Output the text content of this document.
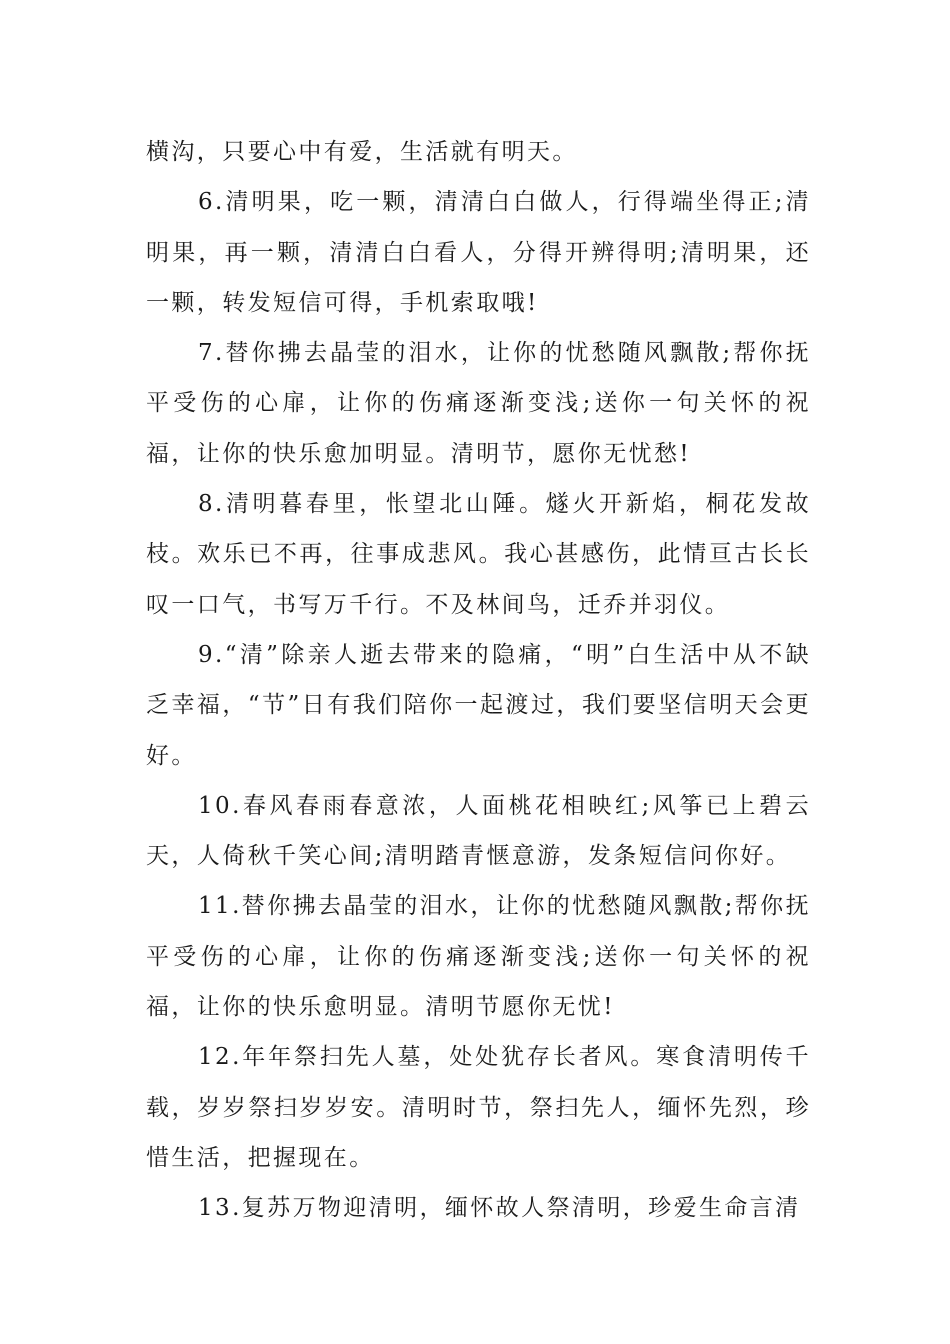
横沟，只要心中有爱，生活就有明天。

6.清明果，吃一颗，清清白白做人，行得端坐得正;清明果，再一颗，清清白白看人，分得开辨得明;清明果，还一颗，转发短信可得，手机索取哦!

7.替你拂去晶莹的泪水，让你的忧愁随风飘散;帮你抚平受伤的心扉，让你的伤痛逐渐变浅;送你一句关怀的祝福，让你的快乐愈加明显。清明节，愿你无忧愁!

8.清明暮春里，怅望北山陲。燧火开新焰，桐花发故枝。欢乐已不再，往事成悲风。我心甚感伤，此情亘古长长叹一口气，书写万千行。不及林间鸟，迁乔并羽仪。

9.“清”除亲人逝去带来的隐痛，“明”白生活中从不缺乏幸福，“节”日有我们陪你一起渡过，我们要坚信明天会更好。

10.春风春雨春意浓，人面桃花相映红;风筝已上碧云天，人倚秋千笑心间;清明踏青惬意游，发条短信问你好。

11.替你拂去晶莹的泪水，让你的忧愁随风飘散;帮你抚平受伤的心扉，让你的伤痛逐渐变浅;送你一句关怀的祝福，让你的快乐愈明显。清明节愿你无忧!

12.年年祭扫先人墓，处处犹存长者风。寒食清明传千载，岁岁祭扫岁岁安。清明时节，祭扫先人，缅怀先烈，珍惜生活，把握现在。

13.复苏万物迎清明，缅怀故人祭清明，珍爱生命言清
